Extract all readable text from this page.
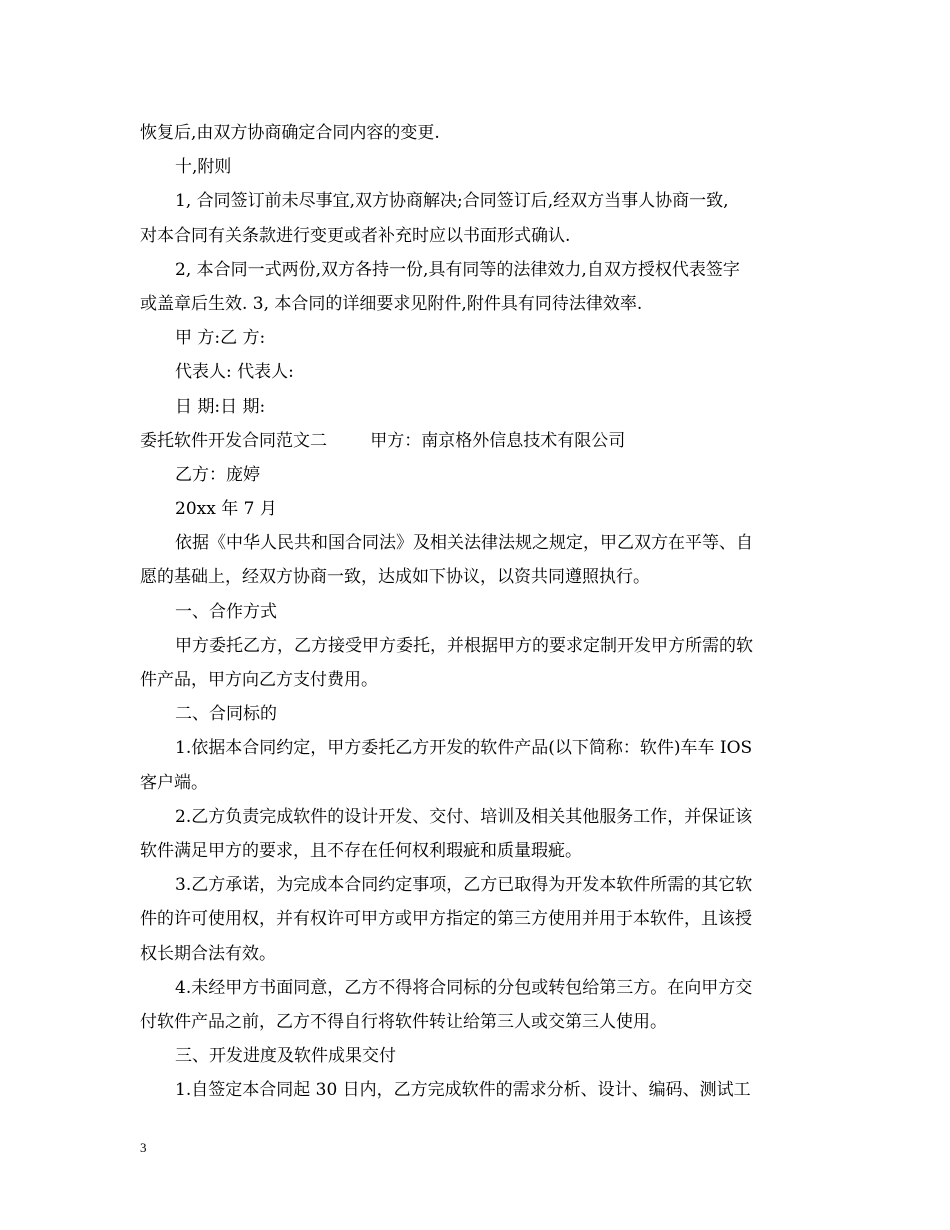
恢复后,由双方协商确定合同内容的变更.
十,附则
1, 合同签订前未尽事宜,双方协商解决;合同签订后,经双方当事人协商一致,
对本合同有关条款进行变更或者补充时应以书面形式确认.
2, 本合同一式两份,双方各持一份,具有同等的法律效力,自双方授权代表签字
或盖章后生效. 3, 本合同的详细要求见附件,附件具有同待法律效率.
甲 方:乙 方:
代表人: 代表人:
日 期:日 期:
委托软件开发合同范文二        甲方：南京格外信息技术有限公司
乙方：庞婷
20xx 年 7 月
依据《中华人民共和国合同法》及相关法律法规之规定，甲乙双方在平等、自
愿的基础上，经双方协商一致，达成如下协议，以资共同遵照执行。
一、合作方式
甲方委托乙方，乙方接受甲方委托，并根据甲方的要求定制开发甲方所需的软
件产品，甲方向乙方支付费用。
二、合同标的
1.依据本合同约定，甲方委托乙方开发的软件产品(以下简称：软件)车车 IOS
客户端。
2.乙方负责完成软件的设计开发、交付、培训及相关其他服务工作，并保证该
软件满足甲方的要求，且不存在任何权利瑕疵和质量瑕疵。
3.乙方承诺，为完成本合同约定事项，乙方已取得为开发本软件所需的其它软
件的许可使用权，并有权许可甲方或甲方指定的第三方使用并用于本软件，且该授
权长期合法有效。
4.未经甲方书面同意，乙方不得将合同标的分包或转包给第三方。在向甲方交
付软件产品之前，乙方不得自行将软件转让给第三人或交第三人使用。
三、开发进度及软件成果交付
1.自签定本合同起 30 日内，乙方完成软件的需求分析、设计、编码、测试工
3
